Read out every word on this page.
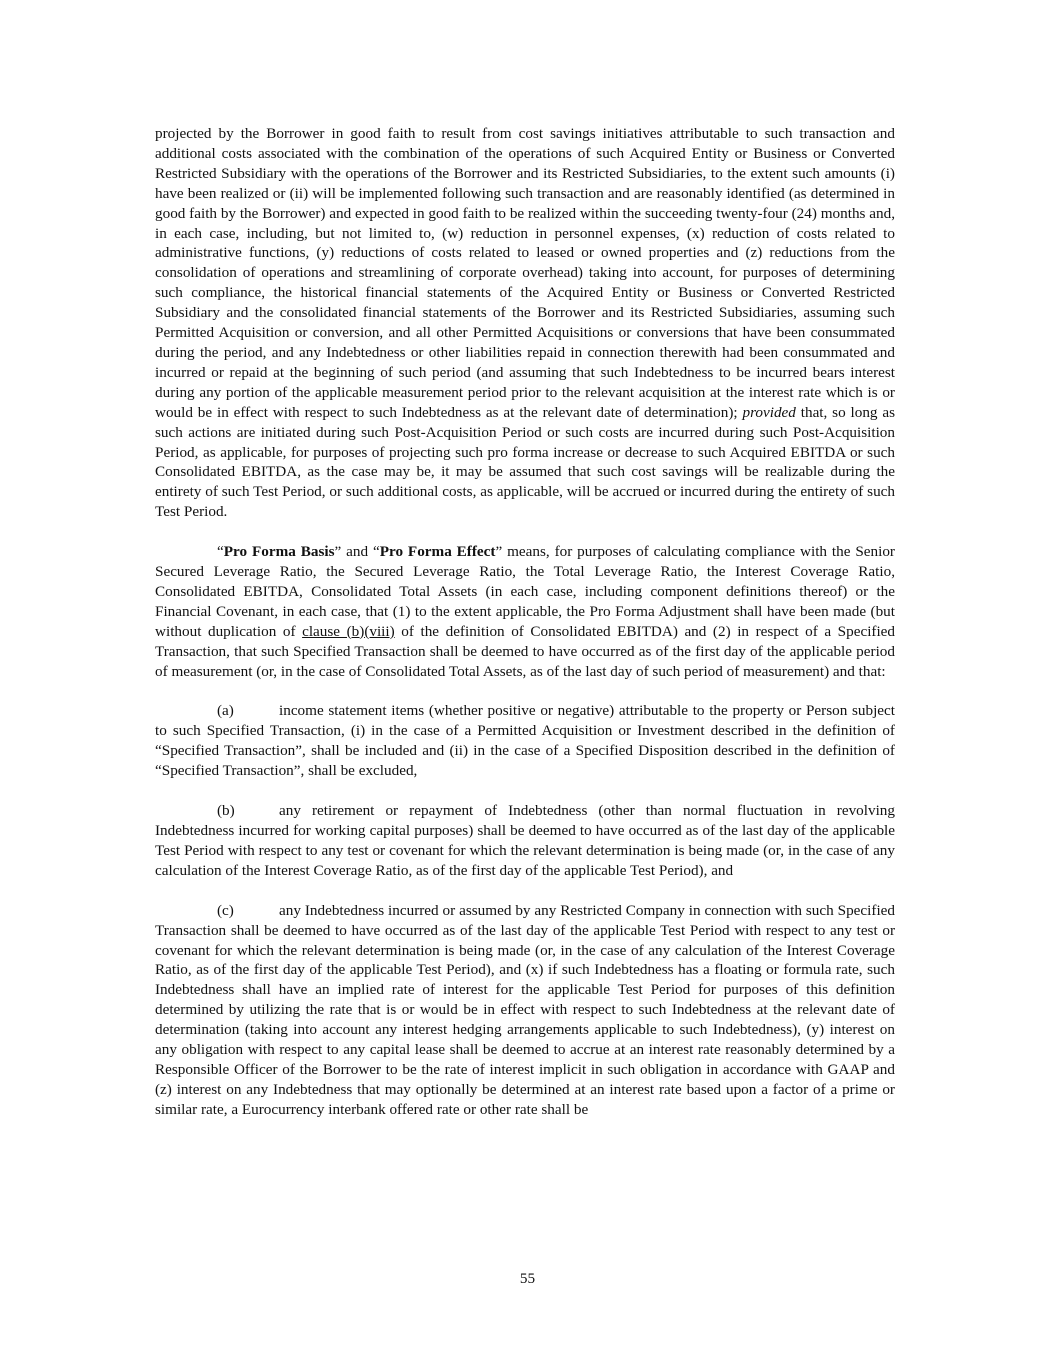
projected by the Borrower in good faith to result from cost savings initiatives attributable to such transaction and additional costs associated with the combination of the operations of such Acquired Entity or Business or Converted Restricted Subsidiary with the operations of the Borrower and its Restricted Subsidiaries, to the extent such amounts (i) have been realized or (ii) will be implemented following such transaction and are reasonably identified (as determined in good faith by the Borrower) and expected in good faith to be realized within the succeeding twenty-four (24) months and, in each case, including, but not limited to, (w) reduction in personnel expenses, (x) reduction of costs related to administrative functions, (y) reductions of costs related to leased or owned properties and (z) reductions from the consolidation of operations and streamlining of corporate overhead) taking into account, for purposes of determining such compliance, the historical financial statements of the Acquired Entity or Business or Converted Restricted Subsidiary and the consolidated financial statements of the Borrower and its Restricted Subsidiaries, assuming such Permitted Acquisition or conversion, and all other Permitted Acquisitions or conversions that have been consummated during the period, and any Indebtedness or other liabilities repaid in connection therewith had been consummated and incurred or repaid at the beginning of such period (and assuming that such Indebtedness to be incurred bears interest during any portion of the applicable measurement period prior to the relevant acquisition at the interest rate which is or would be in effect with respect to such Indebtedness as at the relevant date of determination); provided that, so long as such actions are initiated during such Post-Acquisition Period or such costs are incurred during such Post-Acquisition Period, as applicable, for purposes of projecting such pro forma increase or decrease to such Acquired EBITDA or such Consolidated EBITDA, as the case may be, it may be assumed that such cost savings will be realizable during the entirety of such Test Period, or such additional costs, as applicable, will be accrued or incurred during the entirety of such Test Period.

“Pro Forma Basis” and “Pro Forma Effect” means, for purposes of calculating compliance with the Senior Secured Leverage Ratio, the Secured Leverage Ratio, the Total Leverage Ratio, the Interest Coverage Ratio, Consolidated EBITDA, Consolidated Total Assets (in each case, including component definitions thereof) or the Financial Covenant, in each case, that (1) to the extent applicable, the Pro Forma Adjustment shall have been made (but without duplication of clause (b)(viii) of the definition of Consolidated EBITDA) and (2) in respect of a Specified Transaction, that such Specified Transaction shall be deemed to have occurred as of the first day of the applicable period of measurement (or, in the case of Consolidated Total Assets, as of the last day of such period of measurement) and that:

(a)	income statement items (whether positive or negative) attributable to the property or Person subject to such Specified Transaction, (i) in the case of a Permitted Acquisition or Investment described in the definition of “Specified Transaction”, shall be included and (ii) in the case of a Specified Disposition described in the definition of “Specified Transaction”, shall be excluded,

(b)	any retirement or repayment of Indebtedness (other than normal fluctuation in revolving Indebtedness incurred for working capital purposes) shall be deemed to have occurred as of the last day of the applicable Test Period with respect to any test or covenant for which the relevant determination is being made (or, in the case of any calculation of the Interest Coverage Ratio, as of the first day of the applicable Test Period), and

(c)	any Indebtedness incurred or assumed by any Restricted Company in connection with such Specified Transaction shall be deemed to have occurred as of the last day of the applicable Test Period with respect to any test or covenant for which the relevant determination is being made (or, in the case of any calculation of the Interest Coverage Ratio, as of the first day of the applicable Test Period), and (x) if such Indebtedness has a floating or formula rate, such Indebtedness shall have an implied rate of interest for the applicable Test Period for purposes of this definition determined by utilizing the rate that is or would be in effect with respect to such Indebtedness at the relevant date of determination (taking into account any interest hedging arrangements applicable to such Indebtedness), (y) interest on any obligation with respect to any capital lease shall be deemed to accrue at an interest rate reasonably determined by a Responsible Officer of the Borrower to be the rate of interest implicit in such obligation in accordance with GAAP and (z) interest on any Indebtedness that may optionally be determined at an interest rate based upon a factor of a prime or similar rate, a Eurocurrency interbank offered rate or other rate shall be

55
